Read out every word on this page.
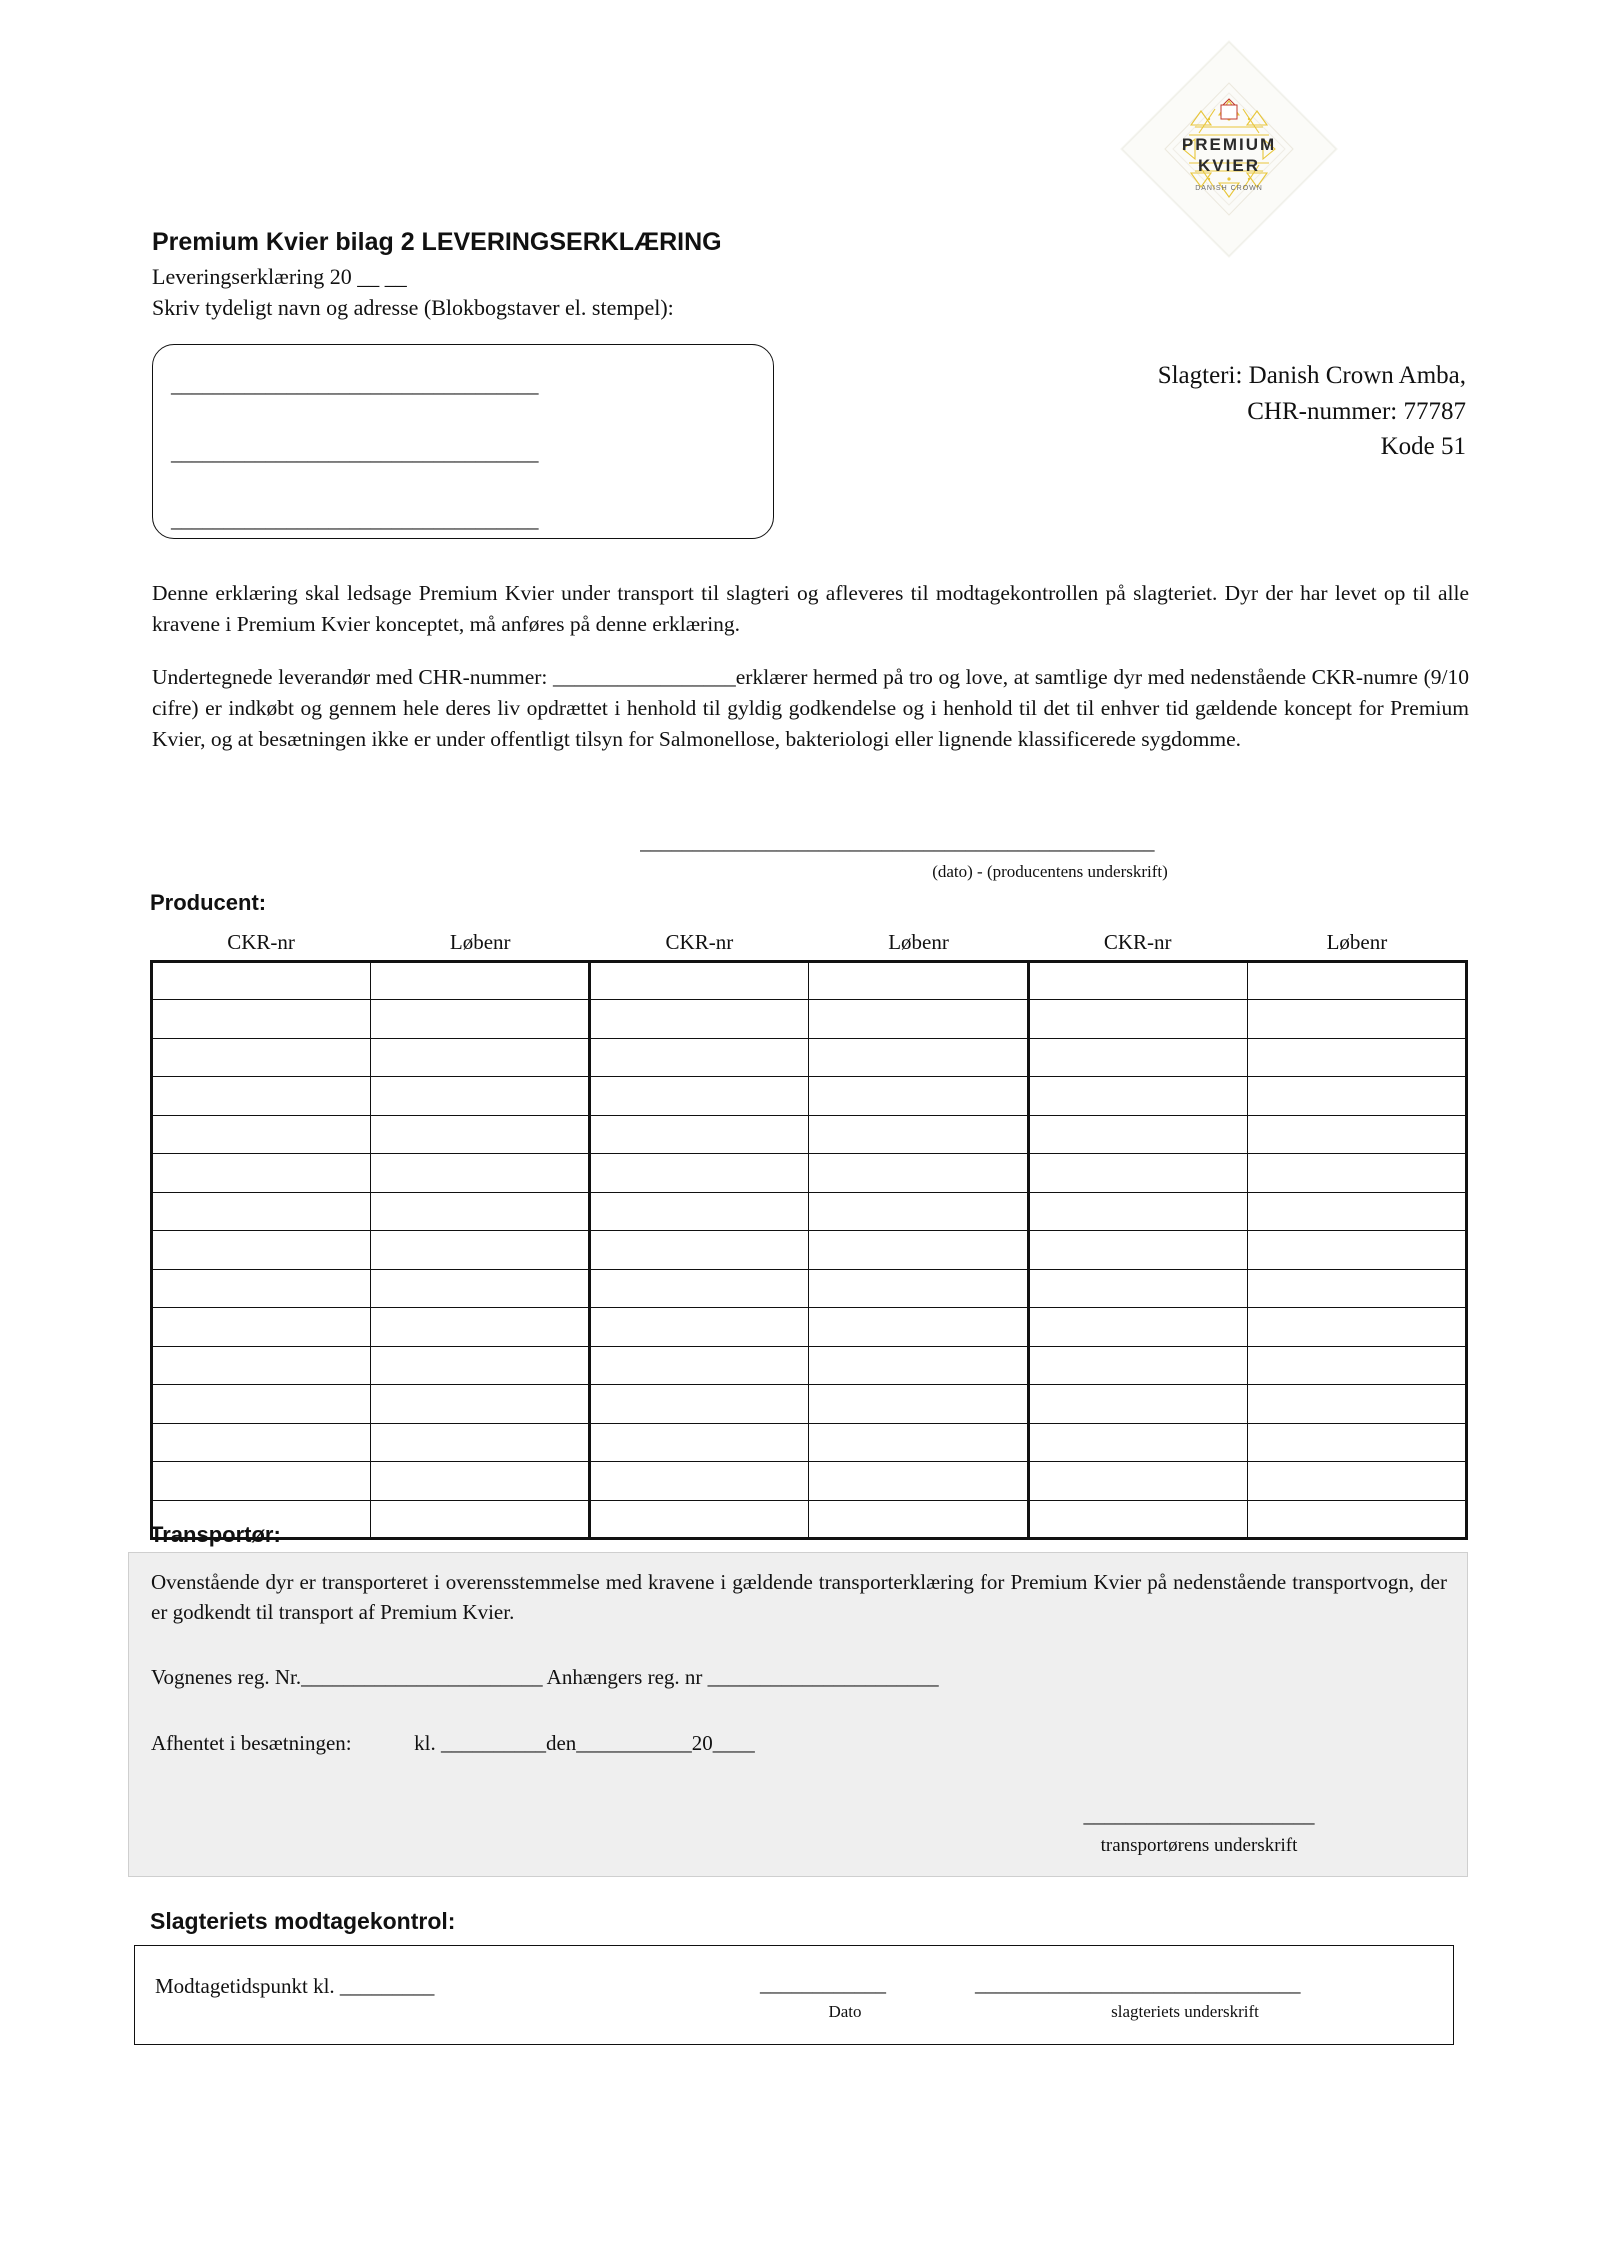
PREMIUM
KVIER
DANISH CROWN
Premium Kvier bilag 2 LEVERINGSERKLÆRING
Leveringserklæring 20 __ __
Skriv tydeligt navn og adresse (Blokbogstaver el. stempel):
___________________________________
___________________________________
___________________________________
Slagteri: Danish Crown Amba,
CHR-nummer: 77787
Kode 51
Denne erklæring skal ledsage Premium Kvier under transport til slagteri og afleveres til modtagekontrollen på slagteriet. Dyr der har levet op til alle kravene i Premium Kvier konceptet, må anføres på denne erklæring.
Undertegnede leverandør med CHR-nummer: _________________erklærer hermed på tro og love, at samtlige dyr med nedenstående CKR-numre (9/10 cifre) er indkøbt og gennem hele deres liv opdrættet i henhold til gyldig godkendelse og i henhold til det til enhver tid gældende koncept for Premium Kvier, og at besætningen ikke er under offentligt tilsyn for Salmonellose, bakteriologi eller lignende klassificerede sygdomme.
_________________________________________________
(dato) - (producentens underskrift)
Producent:
CKR-nr	Løbenr	CKR-nr	Løbenr	CKR-nr	Løbenr

Transportør:
Ovenstående dyr er transporteret i overensstemmelse med kravene i gældende transporterklæring for Premium Kvier på nedenstående transportvogn, der er godkendt til transport af Premium Kvier.
Vognenes reg. Nr._______________________ Anhængers reg. nr ______________________
Afhentet i besætningen:	kl. __________den___________20____
______________________
transportørens underskrift
Slagteriets modtagekontrol:
Modtagetidspunkt kl. _________	____________
Dato
_______________________________
slagteriets underskrift
